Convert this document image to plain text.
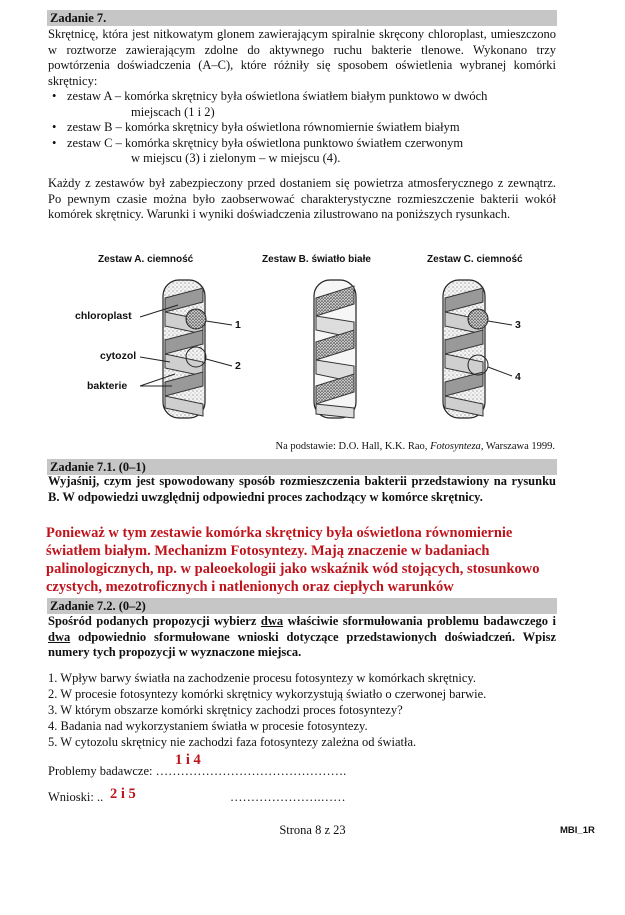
Zadanie 7.
Skrętnicę, która jest nitkowatym glonem zawierającym spiralnie skręcony chloroplast, umieszczono w roztworze zawierającym zdolne do aktywnego ruchu bakterie tlenowe. Wykonano trzy powtórzenia doświadczenia (A–C), które różniły się sposobem oświetlenia wybranej komórki skrętnicy:
• zestaw A – komórka skrętnicy była oświetlona światłem białym punktowo w dwóch
miejscach (1 i 2)
• zestaw B – komórka skrętnicy była oświetlona równomiernie światłem białym
• zestaw C – komórka skrętnicy była oświetlona punktowo światłem czerwonym
w miejscu (3) i zielonym – w miejscu (4).
Każdy z zestawów był zabezpieczony przed dostaniem się powietrza atmosferycznego z zewnątrz. Po pewnym czasie można było zaobserwować charakterystyczne rozmieszczenie bakterii wokół komórek skrętnicy. Warunki i wyniki doświadczenia zilustrowano na poniższych rysunkach.
Zestaw A. ciemność	Zestaw B. światło białe	Zestaw C. ciemność
chloroplast
cytozol
bakterie
1
2
3
4
Na podstawie: D.O. Hall, K.K. Rao, Fotosynteza, Warszawa 1999.
Zadanie 7.1. (0–1)
Wyjaśnij, czym jest spowodowany sposób rozmieszczenia bakterii przedstawiony na rysunku B. W odpowiedzi uwzględnij odpowiedni proces zachodzący w komórce skrętnicy.
Ponieważ w tym zestawie komórka skrętnicy była oświetlona równomiernie światłem białym. Mechanizm Fotosyntezy. Mają znaczenie w badaniach palinologicznych, np. w paleoekologii jako wskaźnik wód stojących, stosunkowo czystych, mezotroficznych i natlenionych oraz ciepłych warunków
Zadanie 7.2. (0–2)
Spośród podanych propozycji wybierz dwa właściwie sformułowania problemu badawczego i dwa odpowiednio sformułowane wnioski dotyczące przedstawionych doświadczeń. Wpisz numery tych propozycji w wyznaczone miejsca.
1. Wpływ barwy światła na zachodzenie procesu fotosyntezy w komórkach skrętnicy.
2. W procesie fotosyntezy komórki skrętnicy wykorzystują światło o czerwonej barwie.
3. W którym obszarze komórki skrętnicy zachodzi proces fotosyntezy?
4. Badania nad wykorzystaniem światła w procesie fotosyntezy.
5. W cytozolu skrętnicy nie zachodzi faza fotosyntezy zależna od światła.
Problemy badawcze: ……………………………………….
1 i 4
Wnioski: .. 2 i 5	………………….……
Strona 8 z 23	MBI_1R
